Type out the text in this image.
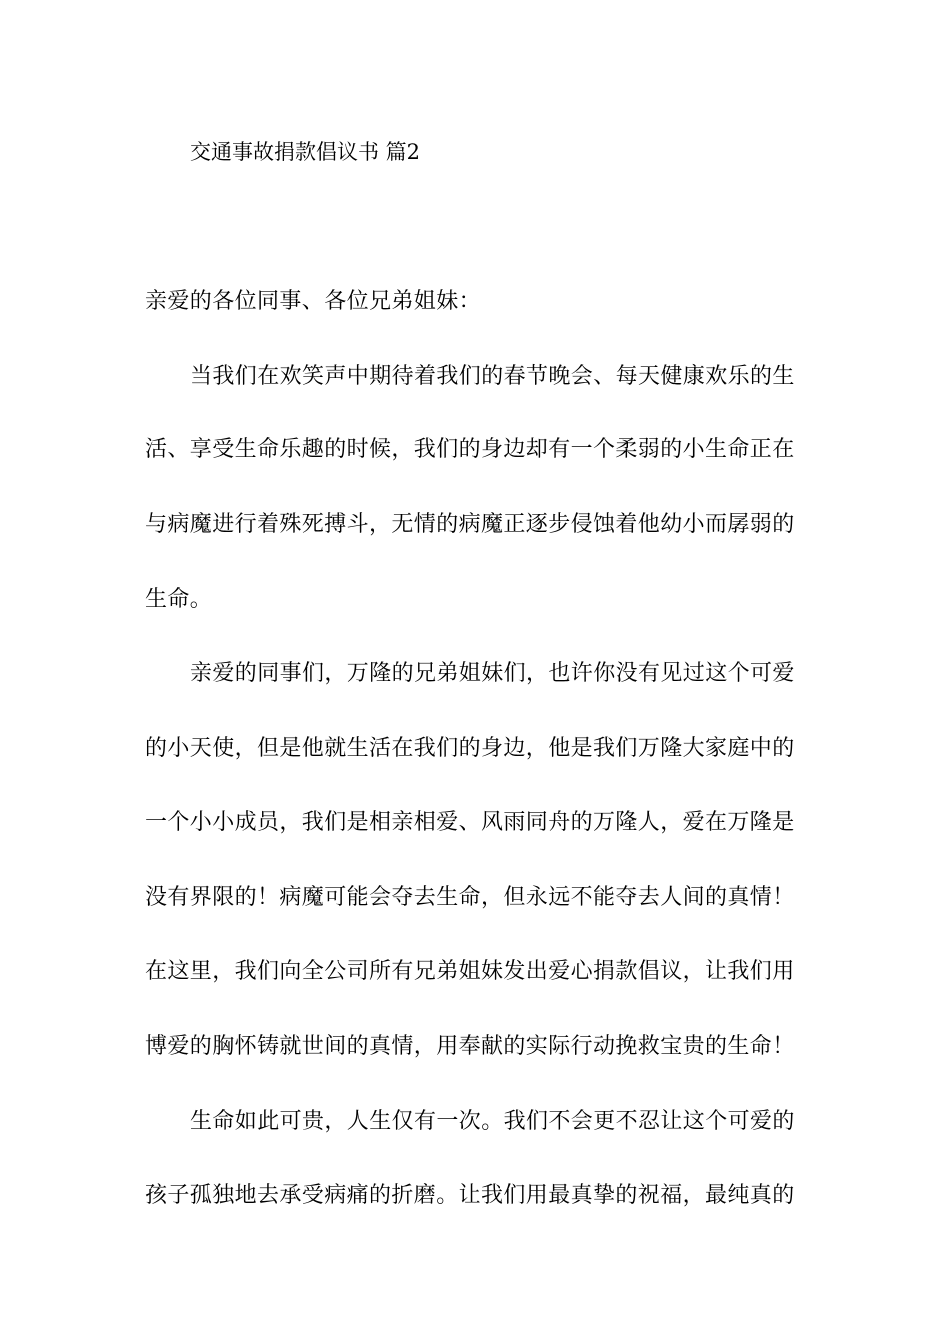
交通事故捐款倡议书 篇2
亲爱的各位同事、各位兄弟姐妹：
当我们在欢笑声中期待着我们的春节晚会、每天健康欢乐的生
活、享受生命乐趣的时候，我们的身边却有一个柔弱的小生命正在
与病魔进行着殊死搏斗，无情的病魔正逐步侵蚀着他幼小而孱弱的
生命。
亲爱的同事们，万隆的兄弟姐妹们，也许你没有见过这个可爱
的小天使，但是他就生活在我们的身边，他是我们万隆大家庭中的
一个小小成员，我们是相亲相爱、风雨同舟的万隆人，爱在万隆是
没有界限的！病魔可能会夺去生命，但永远不能夺去人间的真情！
在这里，我们向全公司所有兄弟姐妹发出爱心捐款倡议，让我们用
博爱的胸怀铸就世间的真情，用奉献的实际行动挽救宝贵的生命！
生命如此可贵，人生仅有一次。我们不会更不忍让这个可爱的
孩子孤独地去承受病痛的折磨。让我们用最真挚的祝福，最纯真的
